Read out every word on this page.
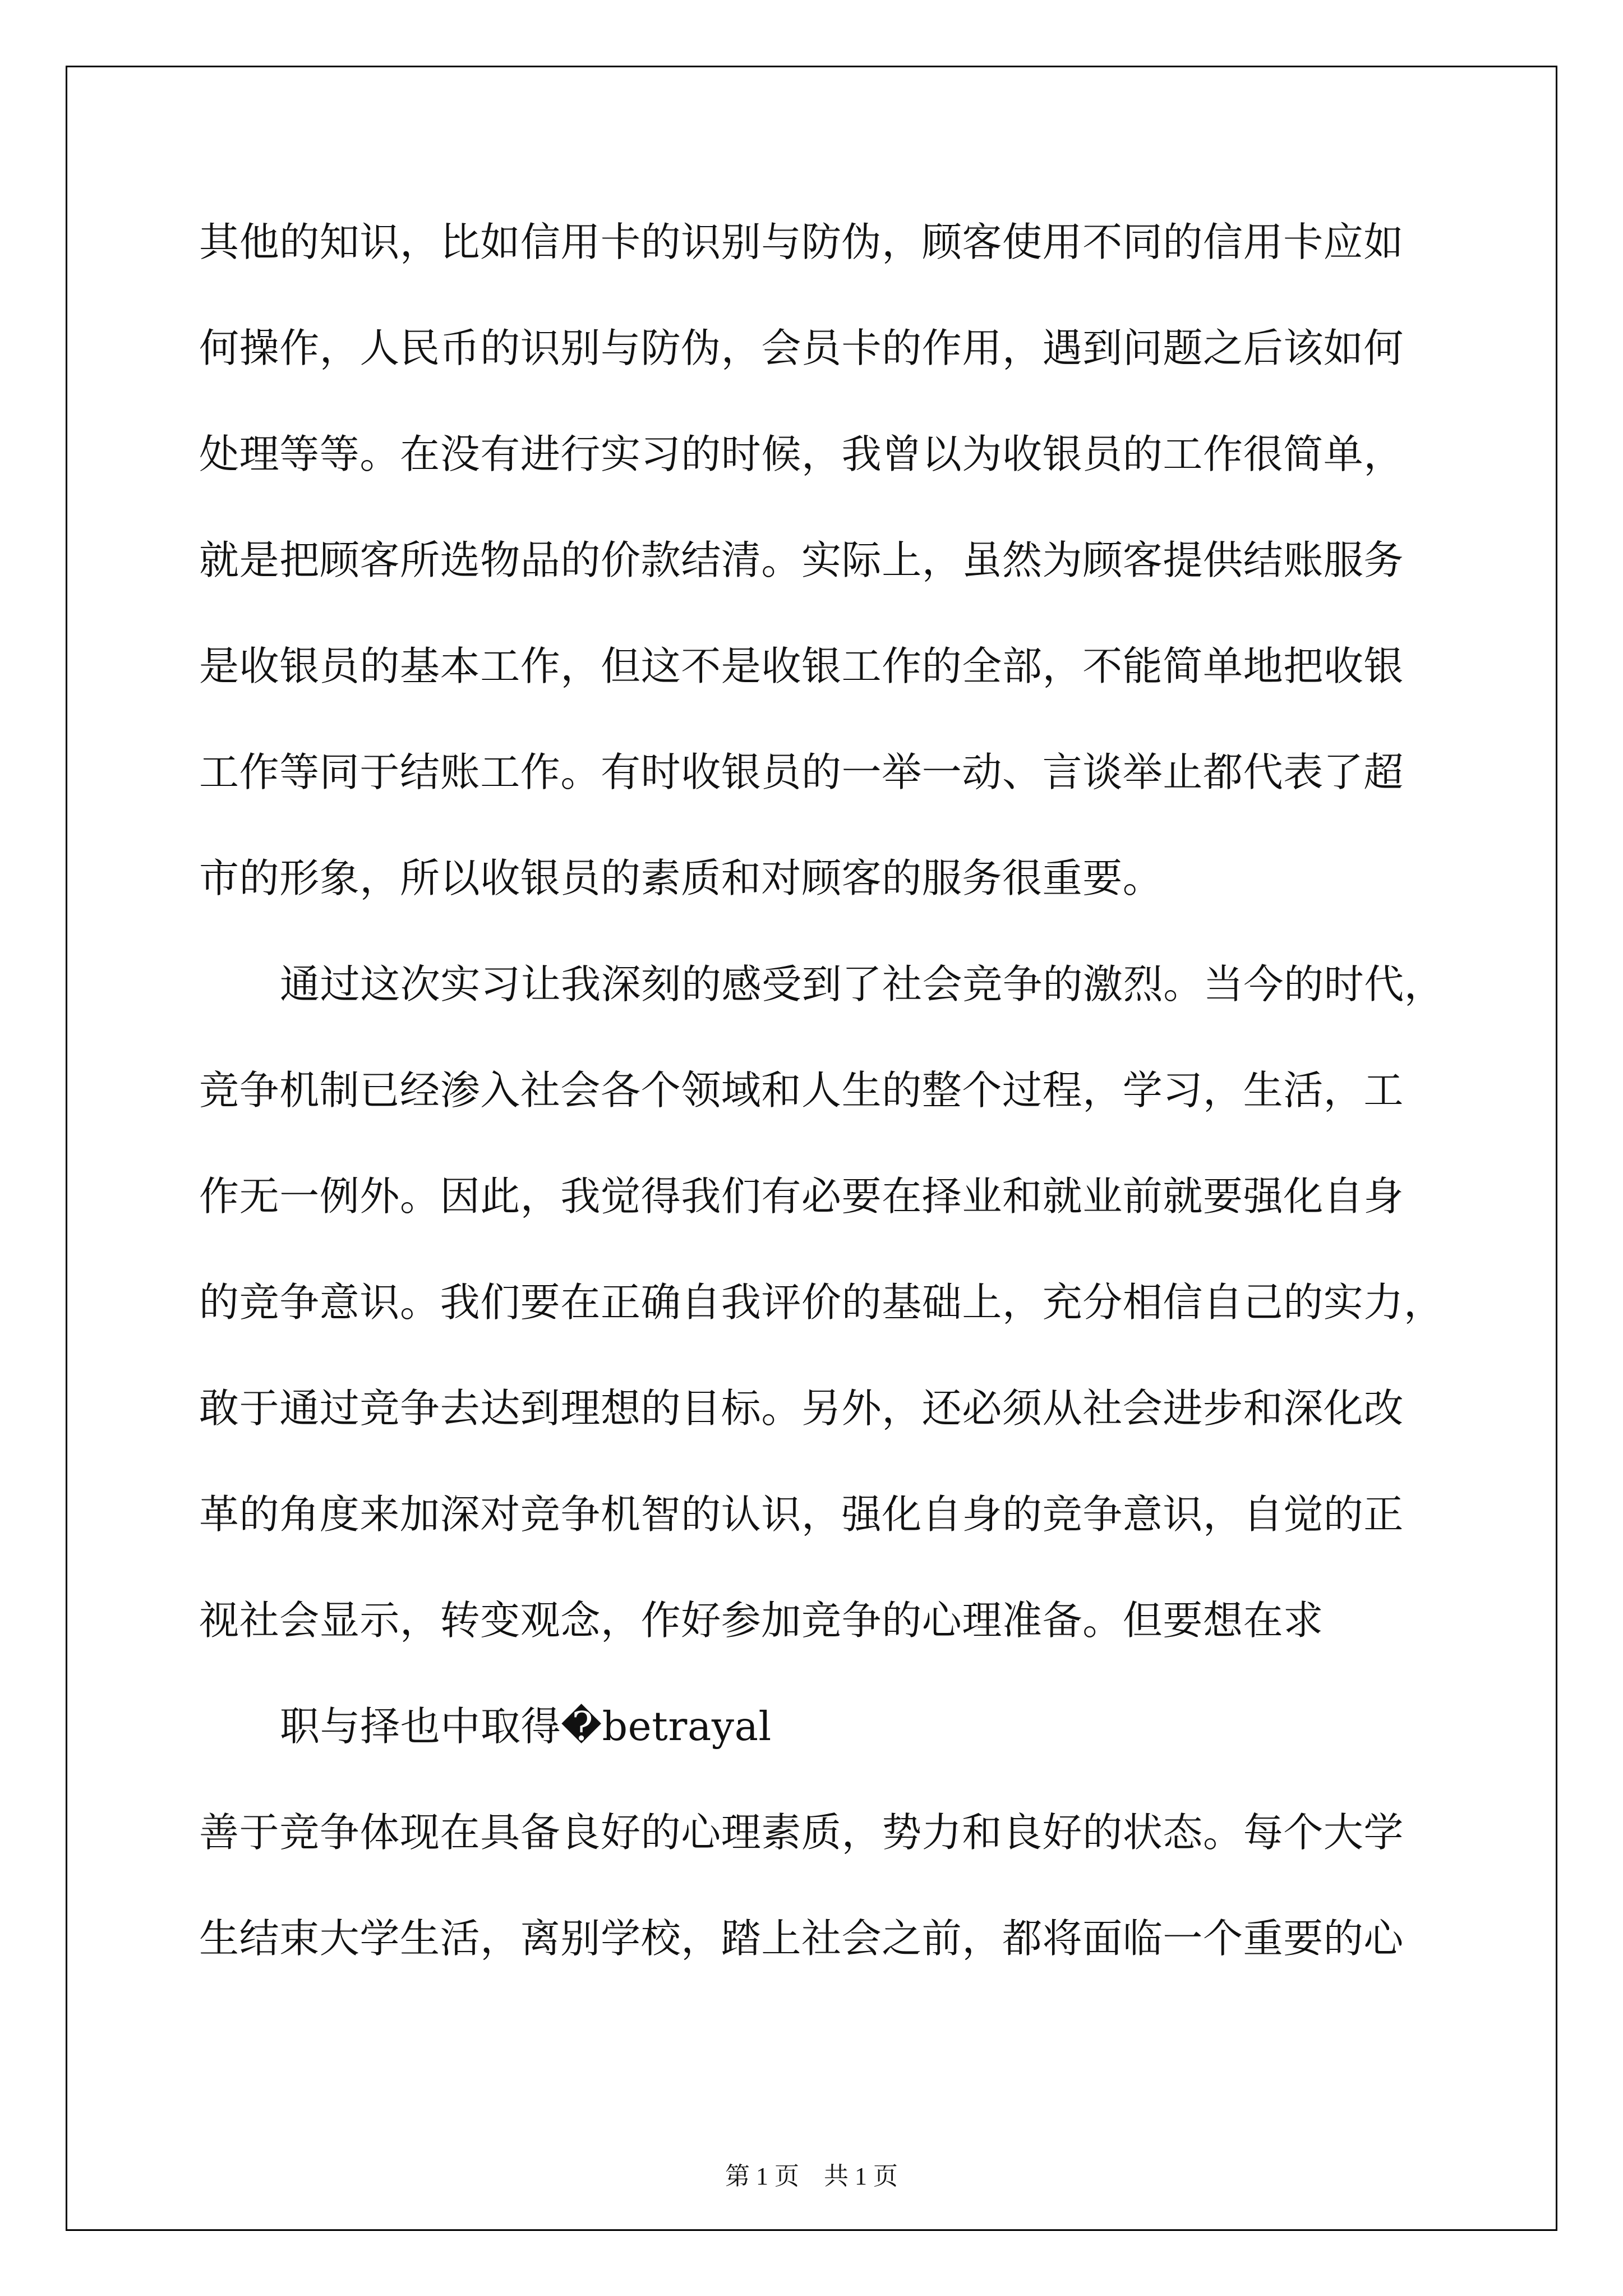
其他的知识，比如信用卡的识别与防伪，顾客使用不同的信用卡应如
何操作，人民币的识别与防伪，会员卡的作用，遇到问题之后该如何
处理等等。在没有进行实习的时候，我曾以为收银员的工作很简单，
就是把顾客所选物品的价款结清。实际上，虽然为顾客提供结账服务
是收银员的基本工作，但这不是收银工作的全部，不能简单地把收银
工作等同于结账工作。有时收银员的一举一动、言谈举止都代表了超
市的形象，所以收银员的素质和对顾客的服务很重要。
通过这次实习让我深刻的感受到了社会竞争的激烈。当今的时代，
竞争机制已经渗入社会各个领域和人生的整个过程，学习，生活，工
作无一例外。因此，我觉得我们有必要在择业和就业前就要强化自身
的竞争意识。我们要在正确自我评价的基础上，充分相信自己的实力，
敢于通过竞争去达到理想的目标。另外，还必须从社会进步和深化改
革的角度来加深对竞争机智的认识，强化自身的竞争意识，自觉的正
视社会显示，转变观念，作好参加竞争的心理准备。但要想在求
职与择也中取得�betrayal
善于竞争体现在具备良好的心理素质，势力和良好的状态。每个大学
生结束大学生活，离别学校，踏上社会之前，都将面临一个重要的心
第 1 页    共 1 页
